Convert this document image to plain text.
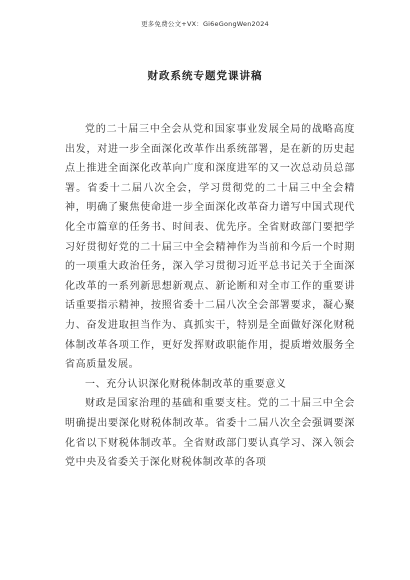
更多免费公文+VX：Gi6eGongWen2024
财政系统专题党课讲稿

党的二十届三中全会从党和国家事业发展全局的战略高度出发，对进一步全面深化改革作出系统部署，是在新的历史起点上推进全面深化改革向广度和深度进军的又一次总动员总部署。省委十二届八次全会，学习贯彻党的二十届三中全会精神，明确了聚焦使命进一步全面深化改革奋力谱写中国式现代化全市篇章的任务书、时间表、优先序。全省财政部门要把学习好贯彻好党的二十届三中全会精神作为当前和今后一个时期的一项重大政治任务，深入学习贯彻习近平总书记关于全面深化改革的一系列新思想新观点、新论断和对全市工作的重要讲话重要指示精神，按照省委十二届八次全会部署要求，凝心聚力、奋发进取担当作为、真抓实干，特别是全面做好深化财税体制改革各项工作，更好发挥财政职能作用，提质增效服务全省高质量发展。

一、充分认识深化财税体制改革的重要意义

财政是国家治理的基础和重要支柱。党的二十届三中全会明确提出要深化财税体制改革。省委十二届八次全会强调要深化省以下财税体制改革。全省财政部门要认真学习、深入领会党中央及省委关于深化财税体制改革的各项
